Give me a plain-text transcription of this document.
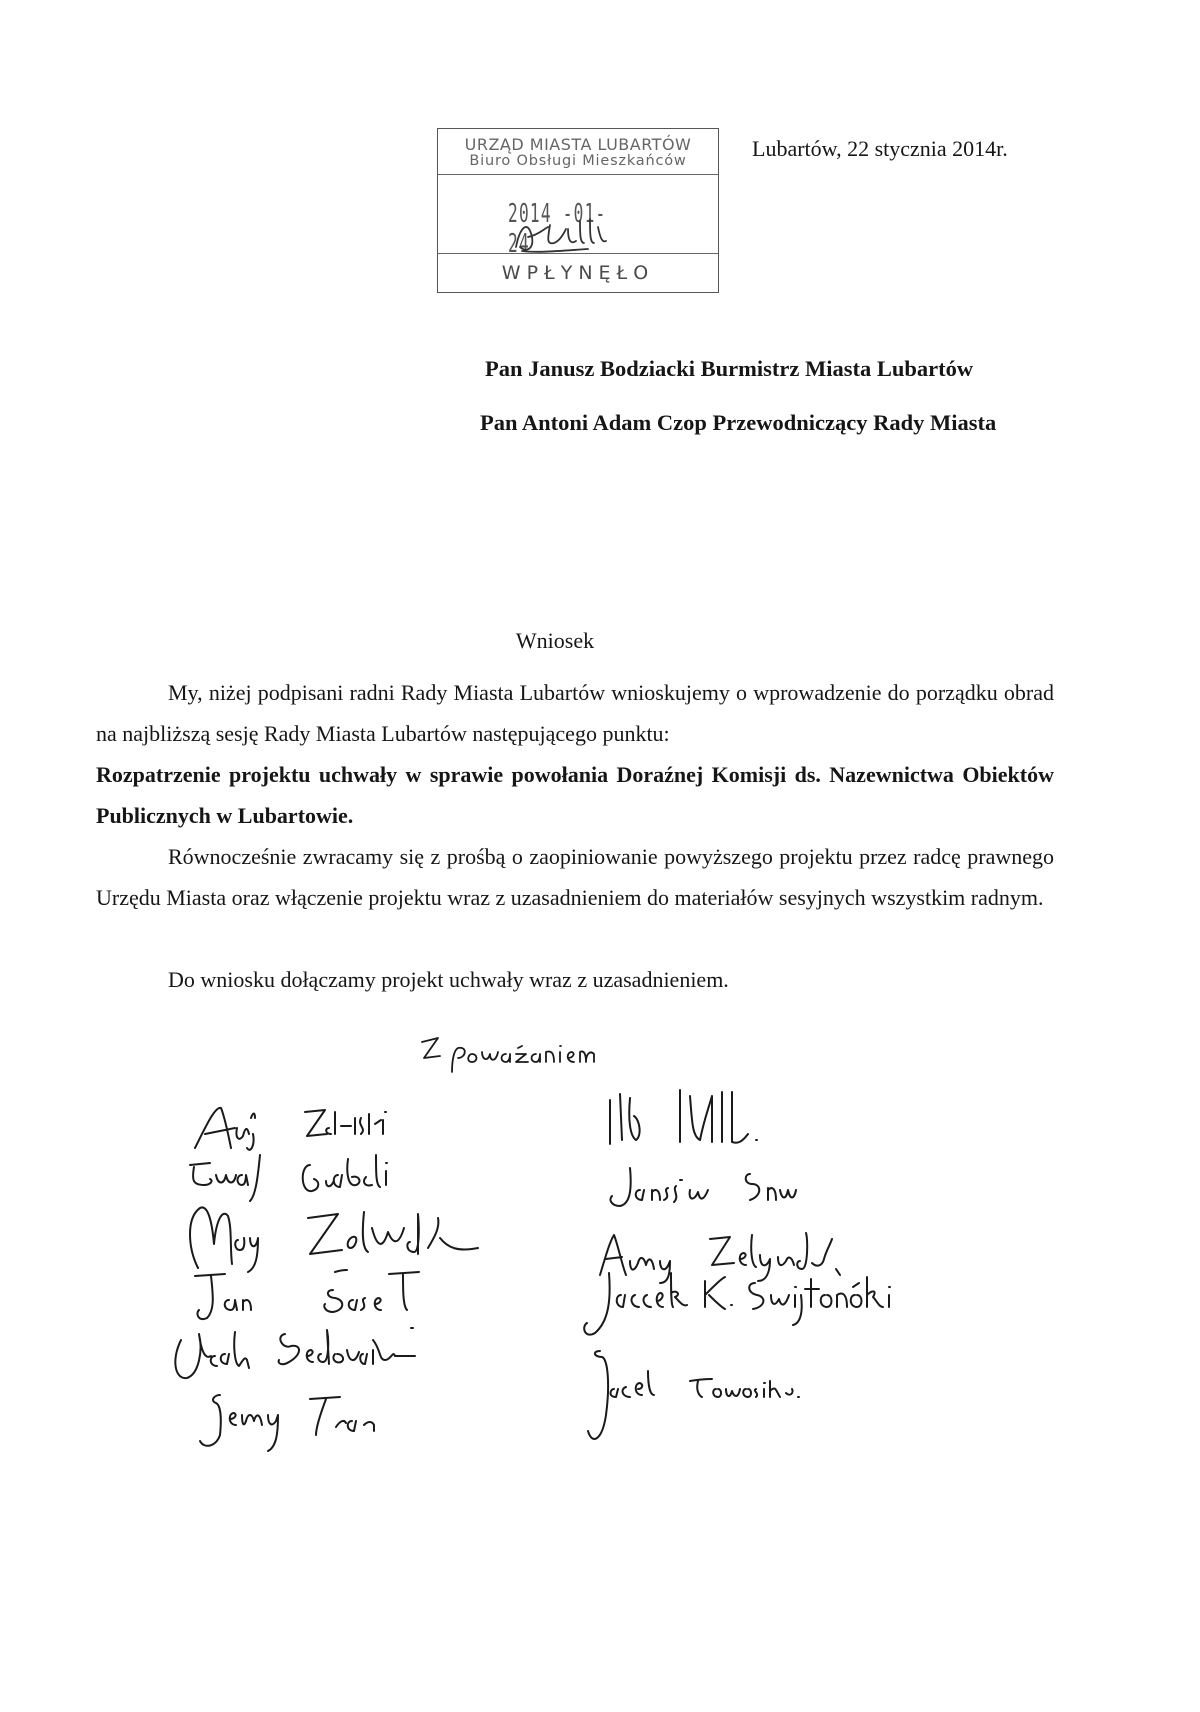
URZĄD MIASTA LUBARTÓW
Biuro Obsługi Mieszkańców
2014 -01- 24
WPŁYNĘŁO
Lubartów, 22 stycznia 2014r.
Pan Janusz Bodziacki Burmistrz Miasta Lubartów
Pan Antoni Adam Czop Przewodniczący Rady Miasta
Wniosek
My, niżej podpisani radni Rady Miasta Lubartów wnioskujemy o wprowadzenie do porządku obrad na najbliższą sesję Rady Miasta Lubartów następującego punktu:
Rozpatrzenie projektu uchwały w sprawie powołania Doraźnej Komisji ds. Nazewnictwa Obiektów Publicznych w Lubartowie.
Równocześnie zwracamy się z prośbą o zaopiniowanie powyższego projektu przez radcę prawnego Urzędu Miasta oraz włączenie projektu wraz z uzasadnieniem do materiałów sesyjnych wszystkim radnym.
Do wniosku dołączamy projekt uchwały wraz z uzasadnieniem.
